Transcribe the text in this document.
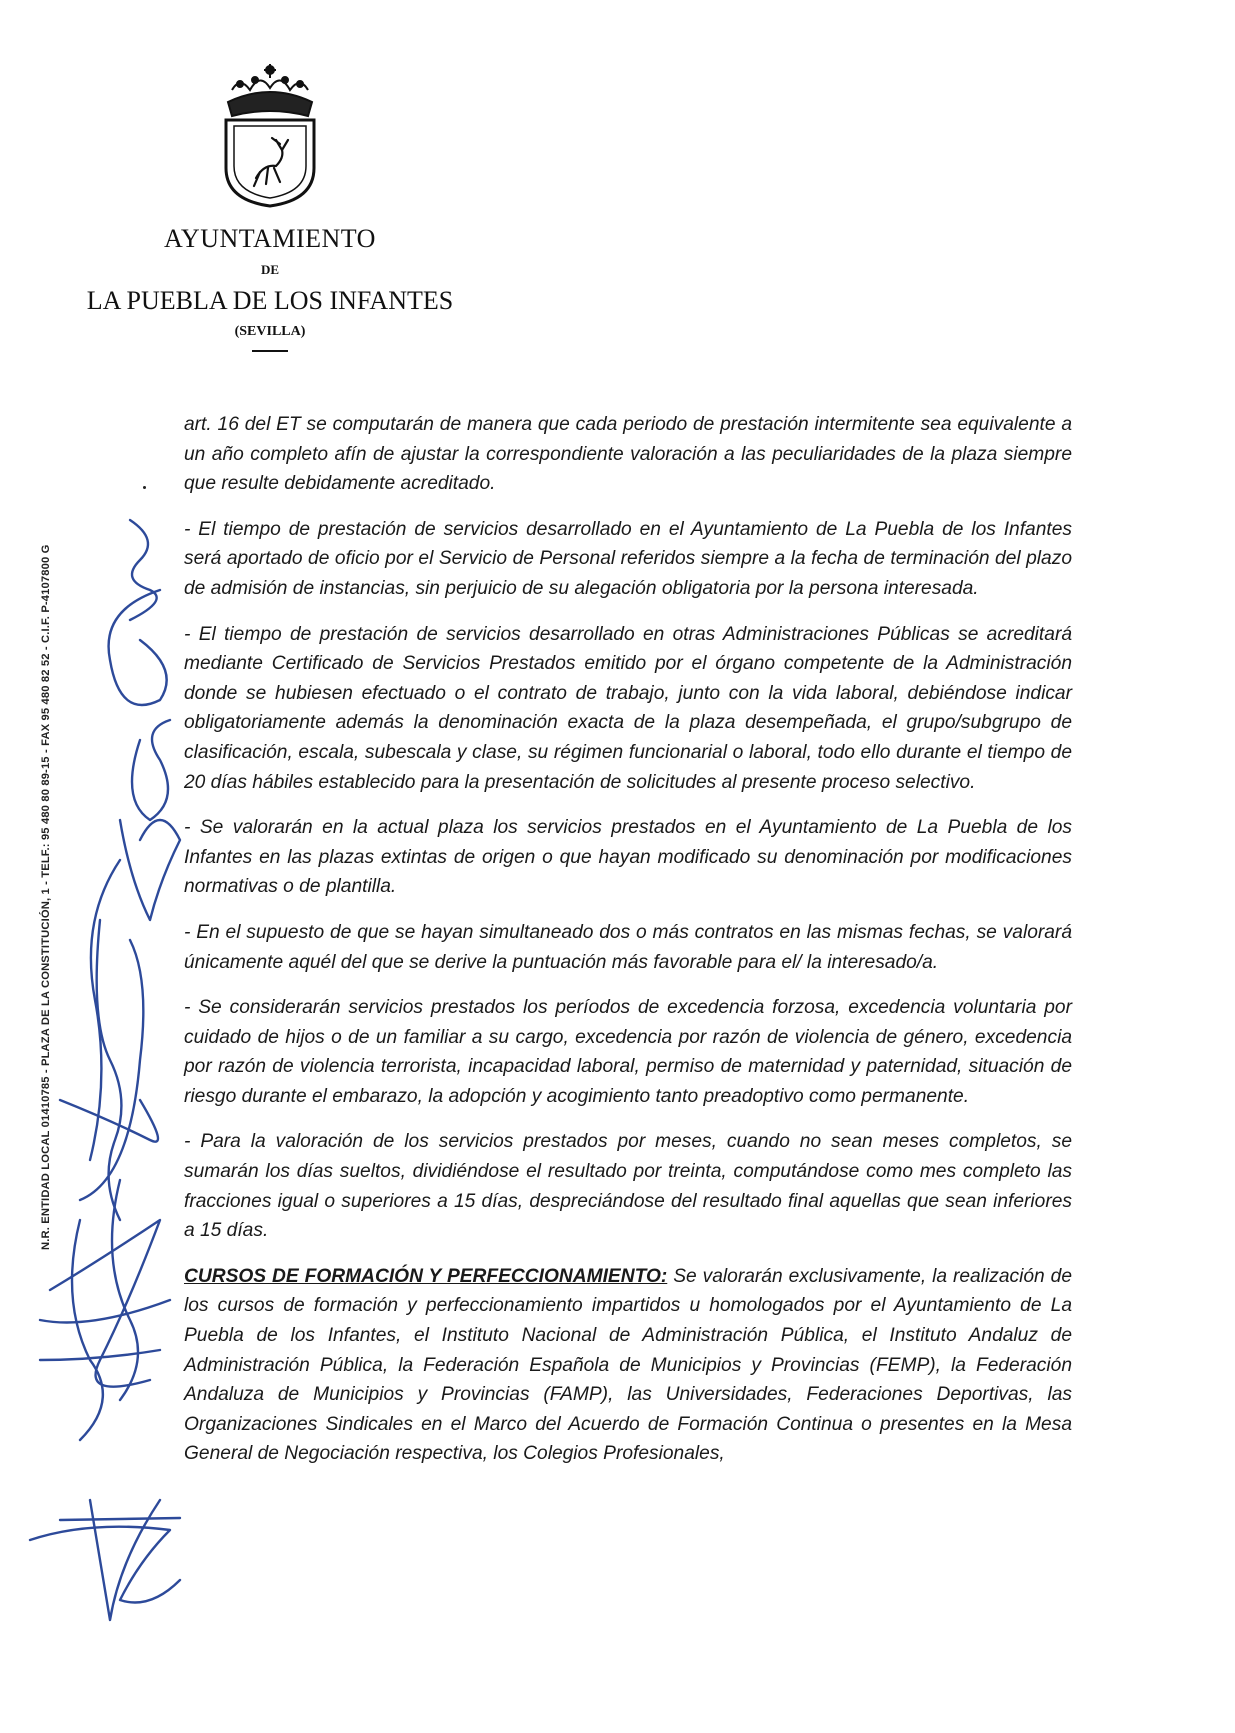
AYUNTAMIENTO
DE
LA PUEBLA DE LOS INFANTES
(SEVILLA)
N.R. ENTIDAD LOCAL 01410785 - PLAZA DE LA CONSTITUCIÓN, 1 - TELF.: 95 480 80 89-15 - FAX 95 480 82 52 - C.I.F. P-4107800 G

art. 16 del ET se computarán de manera que cada periodo de prestación intermitente sea equivalente a un año completo afín de ajustar la correspondiente valoración a las peculiaridades de la plaza siempre que resulte debidamente acreditado.

- El tiempo de prestación de servicios desarrollado en el Ayuntamiento de La Puebla de los Infantes será aportado de oficio por el Servicio de Personal referidos siempre a la fecha de terminación del plazo de admisión de instancias, sin perjuicio de su alegación obligatoria por la persona interesada.

- El tiempo de prestación de servicios desarrollado en otras Administraciones Públicas se acreditará mediante Certificado de Servicios Prestados emitido por el órgano competente de la Administración donde se hubiesen efectuado o el contrato de trabajo, junto con la vida laboral, debiéndose indicar obligatoriamente además la denominación exacta de la plaza desempeñada, el grupo/subgrupo de clasificación, escala, subescala y clase, su régimen funcionarial o laboral, todo ello durante el tiempo de 20 días hábiles establecido para la presentación de solicitudes al presente proceso selectivo.

- Se valorarán en la actual plaza los servicios prestados en el Ayuntamiento de La Puebla de los Infantes en las plazas extintas de origen o que hayan modificado su denominación por modificaciones normativas o de plantilla.

- En el supuesto de que se hayan simultaneado dos o más contratos en las mismas fechas, se valorará únicamente aquél del que se derive la puntuación más favorable para el/ la interesado/a.

- Se considerarán servicios prestados los períodos de excedencia forzosa, excedencia voluntaria por cuidado de hijos o de un familiar a su cargo, excedencia por razón de violencia de género, excedencia por razón de violencia terrorista, incapacidad laboral, permiso de maternidad y paternidad, situación de riesgo durante el embarazo, la adopción y acogimiento tanto preadoptivo como permanente.

- Para la valoración de los servicios prestados por meses, cuando no sean meses completos, se sumarán los días sueltos, dividiéndose el resultado por treinta, computándose como mes completo las fracciones igual o superiores a 15 días, despreciándose del resultado final aquellas que sean inferiores a 15 días.

CURSOS DE FORMACIÓN Y PERFECCIONAMIENTO: Se valorarán exclusivamente, la realización de los cursos de formación y perfeccionamiento impartidos u homologados por el Ayuntamiento de La Puebla de los Infantes, el Instituto Nacional de Administración Pública, el Instituto Andaluz de Administración Pública, la Federación Española de Municipios y Provincias (FEMP), la Federación Andaluza de Municipios y Provincias (FAMP), las Universidades, Federaciones Deportivas, las Organizaciones Sindicales en el Marco del Acuerdo de Formación Continua o presentes en la Mesa General de Negociación respectiva, los Colegios Profesionales,
